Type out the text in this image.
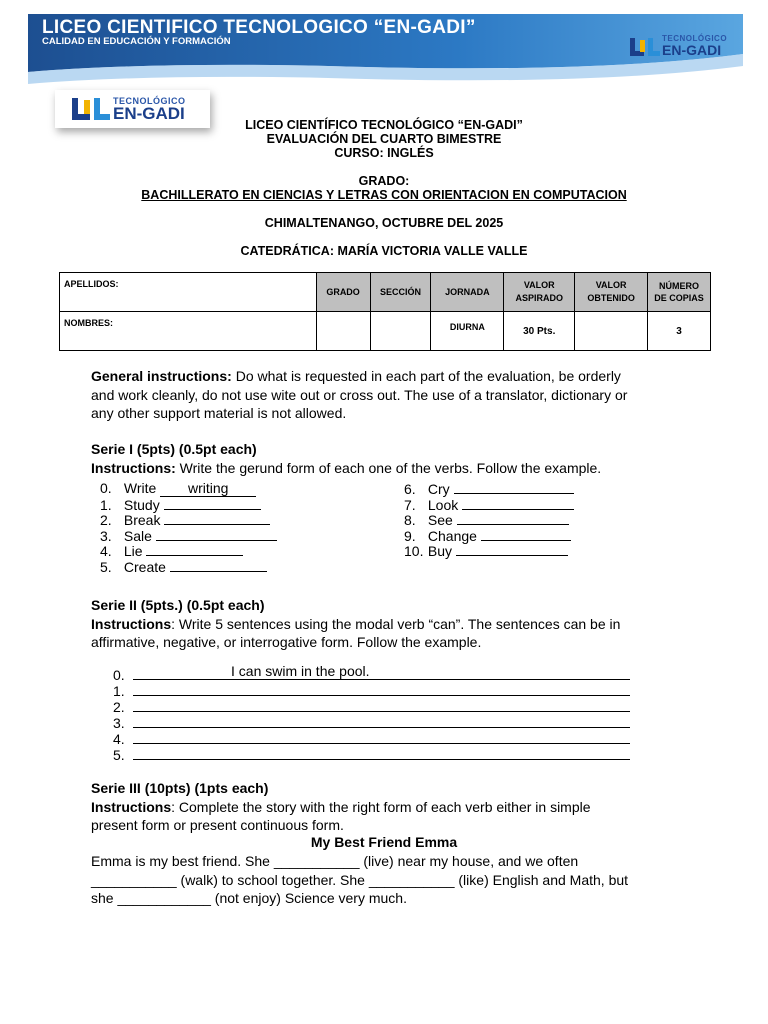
LICEO CIENTIFICO TECNOLOGICO “EN-GADI”
CALIDAD EN EDUCACIÓN Y FORMACIÓN	TECNOLÓGICO
EN-GADI
TECNOLÓGICO
EN-GADI
LICEO CIENTÍFICO TECNOLÓGICO “EN-GADI”
EVALUACIÓN DEL CUARTO BIMESTRE
CURSO: INGLÉS
GRADO:
BACHILLERATO EN CIENCIAS Y LETRAS CON ORIENTACION EN COMPUTACION
CHIMALTENANGO, OCTUBRE DEL 2025
CATEDRÁTICA: MARÍA VICTORIA VALLE VALLE
APELLIDOS:	GRADO	SECCIÓN	JORNADA	VALOR ASPIRADO	VALOR OBTENIDO	NÚMERO DE COPIAS
NOMBRES:			DIURNA	30 Pts.		3
General instructions: Do what is requested in each part of the evaluation, be orderly
and work cleanly, do not use wite out or cross out. The use of a translator, dictionary or
any other support material is not allowed.
Serie I (5pts) (0.5pt each)
Instructions: Write the gerund form of each one of the verbs. Follow the example.
0. Write writing
1. Study
2. Break
3. Sale
4. Lie
5. Create
6. Cry
7. Look
8. See
9. Change
10. Buy
Serie II (5pts.) (0.5pt each)
Instructions: Write 5 sentences using the modal verb “can”. The sentences can be in
affirmative, negative, or interrogative form. Follow the example.
0.	I can swim in the pool.
1.
2.
3.
4.
5.
Serie III (10pts) (1pts each)
Instructions: Complete the story with the right form of each verb either in simple
present form or present continuous form.
My Best Friend Emma
Emma is my best friend. She ___________ (live) near my house, and we often
___________ (walk) to school together. She ___________ (like) English and Math, but
she ____________ (not enjoy) Science very much.
